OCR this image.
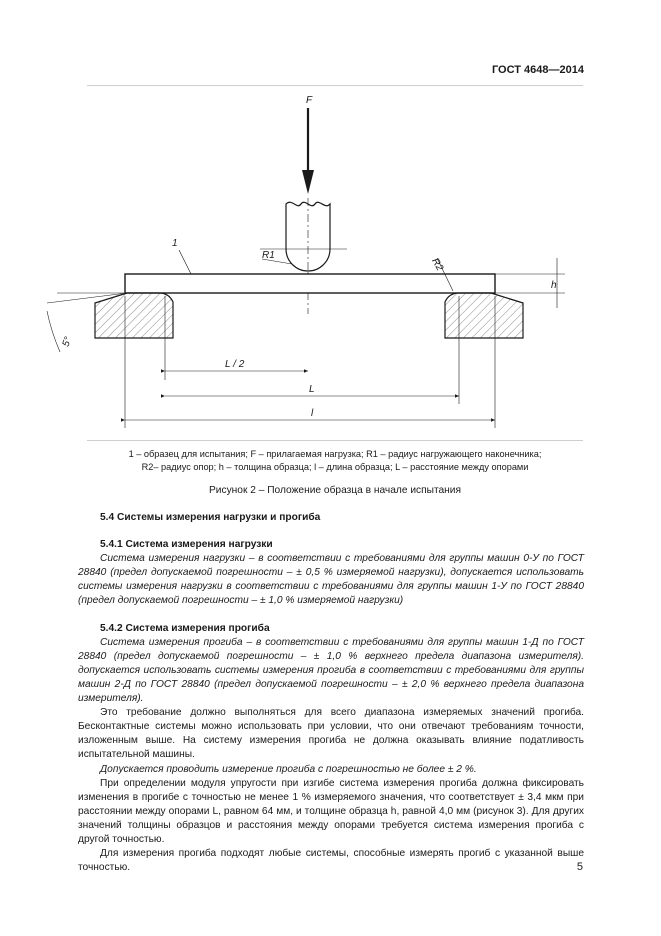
ГОСТ 4648—2014
F
R1
1
h
R2
5°
L / 2
L
l
1 – образец для испытания; F – прилагаемая нагрузка; R1 – радиус нагружающего наконечника;
R2– радиус опор; h – толщина образца; l – длина образца; L – расстояние между опорами
Рисунок 2 – Положение образца в начале испытания

5.4 Системы измерения нагрузки и прогиба

5.4.1 Система измерения нагрузки

Система измерения нагрузки – в соответствии с требованиями для группы машин 0-У по ГОСТ 28840 (предел допускаемой погрешности – ± 0,5 % измеряемой нагрузки), допускается использовать системы измерения нагрузки в соответствии с требованиями для группы машин 1-У по ГОСТ 28840 (предел допускаемой погрешности – ± 1,0 % измеряемой нагрузки)

5.4.2 Система измерения прогиба

Система измерения прогиба – в соответствии с требованиями для группы машин 1-Д по ГОСТ 28840 (предел допускаемой погрешности – ± 1,0 % верхнего предела диапазона измерителя). допускается использовать системы измерения прогиба в соответствии с требованиями для группы машин 2-Д по ГОСТ 28840 (предел допускаемой погрешности – ± 2,0 % верхнего предела диапазона измерителя).

Это требование должно выполняться для всего диапазона измеряемых значений прогиба. Бесконтактные системы можно использовать при условии, что они отвечают требованиям точности, изложенным выше. На систему измерения прогиба не должна оказывать влияние податливость испытательной машины.

Допускается проводить измерение прогиба с погрешностью не более ± 2 %.

При определении модуля упругости при изгибе система измерения прогиба должна фиксировать изменения в прогибе с точностью не менее 1 % измеряемого значения, что соответствует ± 3,4 мкм при расстоянии между опорами L, равном 64 мм, и толщине образца h, равной 4,0 мм (рисунок 3). Для других значений толщины образцов и расстояния между опорами требуется система измерения прогиба с другой точностью.

Для измерения прогиба подходят любые системы, способные измерять прогиб с указанной выше точностью.	5
